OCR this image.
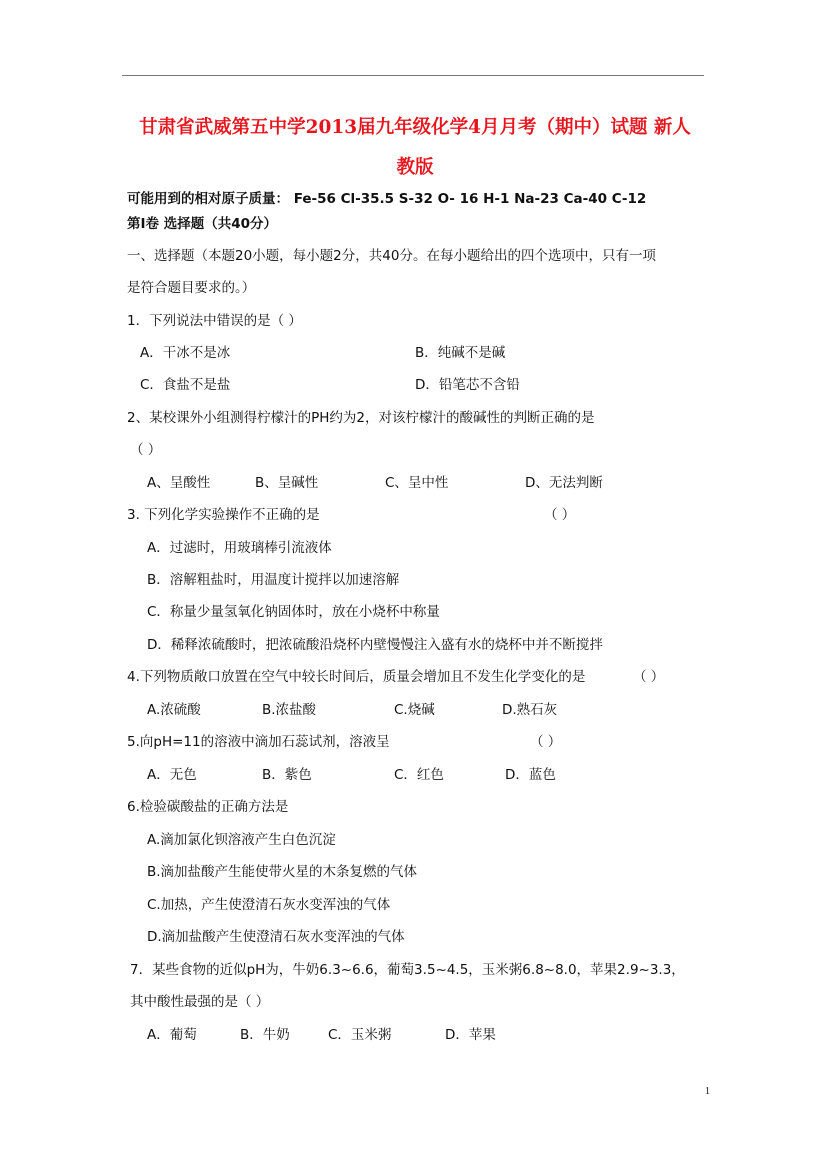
甘肃省武威第五中学2013届九年级化学4月月考（期中）试题 新人
教版
可能用到的相对原子质量： Fe-56 Cl-35.5 S-32 O- 16 H-1 Na-23 Ca-40 C-12
第Ⅰ卷 选择题（共40分）
一、选择题（本题20小题，每小题2分，共40分。在每小题给出的四个选项中，只有一项
是符合题目要求的。）
1．下列说法中错误的是（ ）
A．干冰不是冰	B．纯碱不是碱
C．食盐不是盐	D．铅笔芯不含铅
2、某校课外小组测得柠檬汁的PH约为2，对该柠檬汁的酸碱性的判断正确的是
（ ）
A、呈酸性	B、呈碱性	C、呈中性	D、无法判断
3. 下列化学实验操作不正确的是	（ ）
A．过滤时，用玻璃棒引流液体
B．溶解粗盐时，用温度计搅拌以加速溶解
C．称量少量氢氧化钠固体时，放在小烧杯中称量
D．稀释浓硫酸时，把浓硫酸沿烧杯内壁慢慢注入盛有水的烧杯中并不断搅拌
4.下列物质敞口放置在空气中较长时间后，质量会增加且不发生化学变化的是	（ ）
A.浓硫酸	B.浓盐酸	C.烧碱	D.熟石灰
5.向pH=11的溶液中滴加石蕊试剂，溶液呈	（ ）
A．无色	B．紫色	C．红色	D．蓝色
6.检验碳酸盐的正确方法是
A.滴加氯化钡溶液产生白色沉淀
B.滴加盐酸产生能使带火星的木条复燃的气体
C.加热，产生使澄清石灰水变浑浊的气体
D.滴加盐酸产生使澄清石灰水变浑浊的气体
7．某些食物的近似pH为，牛奶6.3~6.6，葡萄3.5~4.5，玉米粥6.8~8.0，苹果2.9~3.3，
其中酸性最强的是（ ）
A．葡萄	B．牛奶	C．玉米粥	D．苹果
1
